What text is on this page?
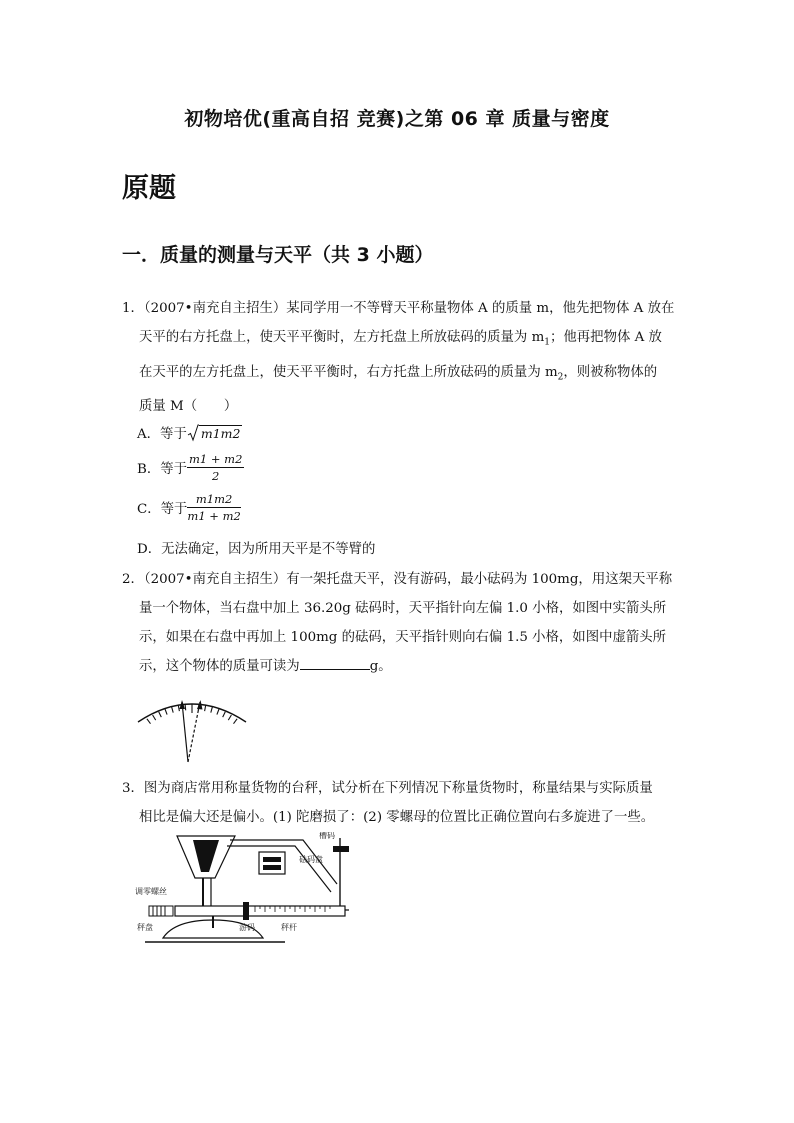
初物培优(重高自招 竞赛)之第 06 章 质量与密度
原题
一．质量的测量与天平（共 3 小题）
1．（2007•南充自主招生）某同学用一不等臂天平称量物体 A 的质量 m，他先把物体 A 放在
天平的右方托盘上，使天平平衡时，左方托盘上所放砝码的质量为 $m_1$；他再把物体 A 放
在天平的左方托盘上，使天平平衡时，右方托盘上所放砝码的质量为 $m_2$，则被称物体的
质量 M（　　）
A．等于 m1m2
B．等于 $\frac{m1 + m2}{2}$
C．等于 $\frac{m1m2}{m1 + m2}$
D．无法确定，因为所用天平是不等臂的
2．（2007•南充自主招生）有一架托盘天平，没有游码，最小砝码为 100mg，用这架天平称
量一个物体，当右盘中加上 36.20g 砝码时，天平指针向左偏 1.0 小格，如图中实箭头所
示，如果在右盘中再加上 100mg 的砝码，天平指针则向右偏 1.5 小格，如图中虚箭头所
示，这个物体的质量可读为	g。
3．图为商店常用称量货物的台秤，试分析在下列情况下称量货物时，称量结果与实际质量
相比是偏大还是偏小。(1) 陀磨损了：(2) 零螺母的位置比正确位置向右多旋进了一些。
槽码
调零螺丝
秤盘	游码	秤杆
砝码盘
